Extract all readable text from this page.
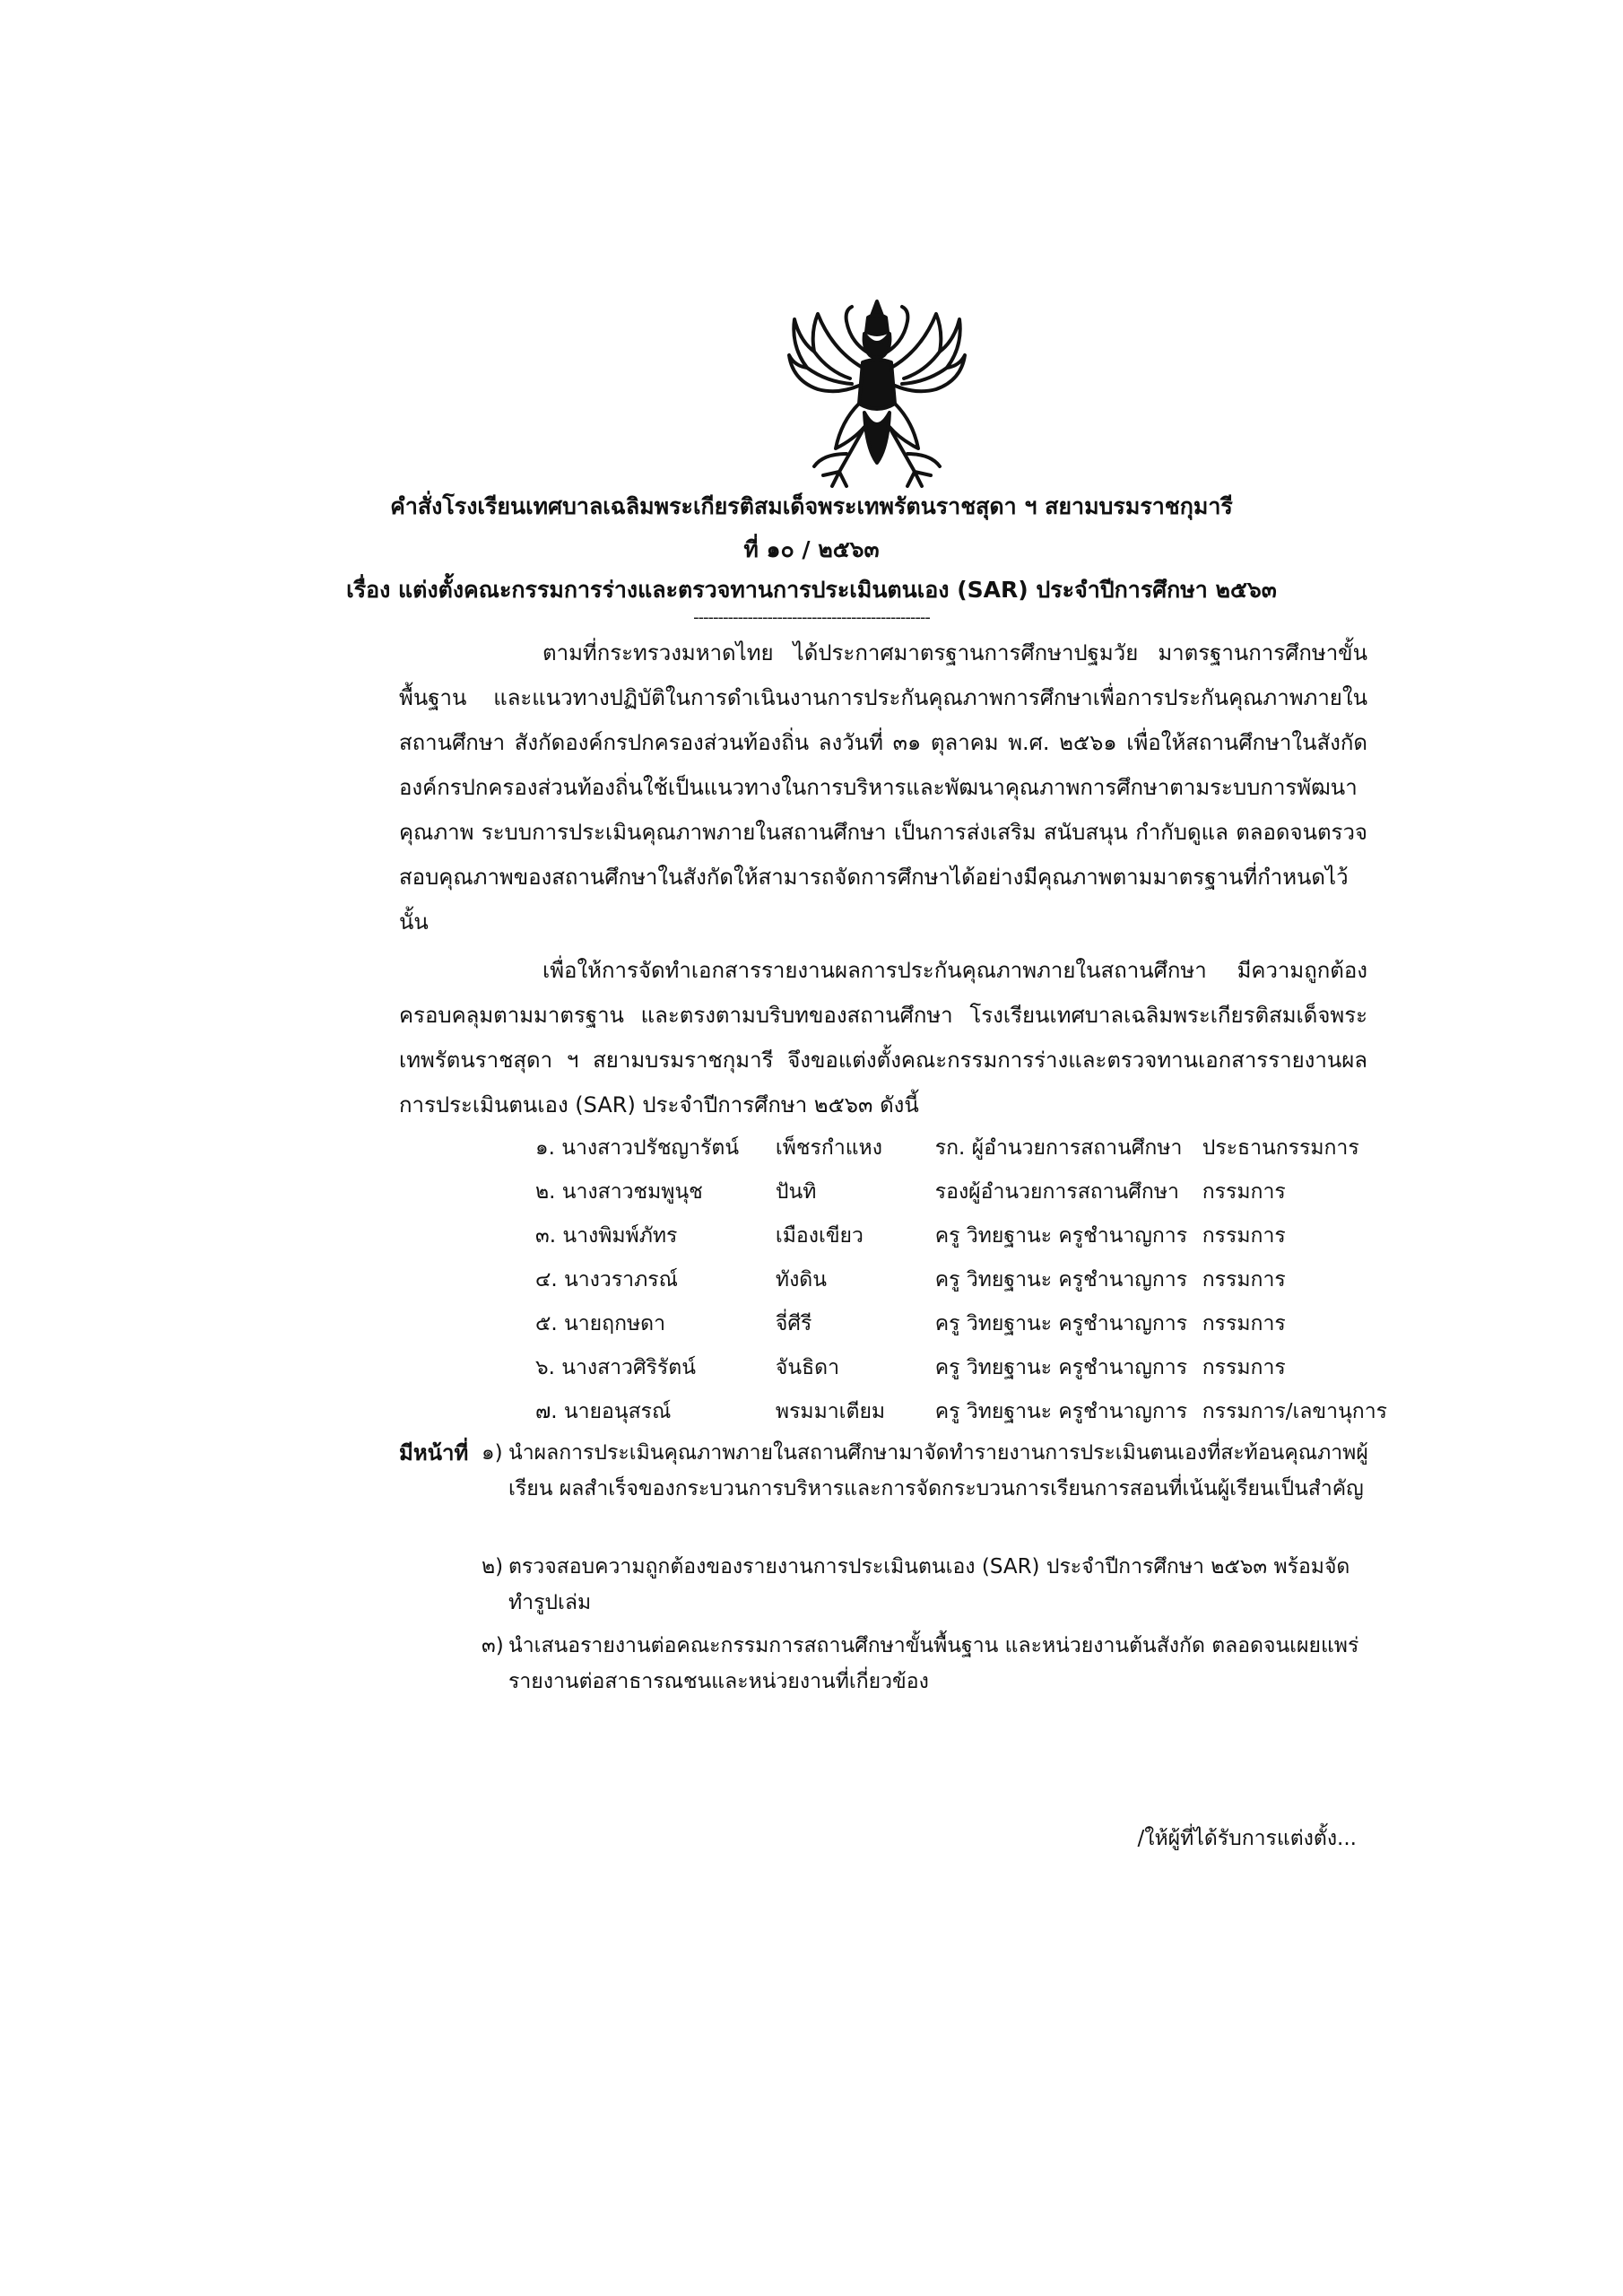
คำสั่งโรงเรียนเทศบาลเฉลิมพระเกียรติสมเด็จพระเทพรัตนราชสุดา ฯ สยามบรมราชกุมารี
ที่ ๑๐ / ๒๕๖๓
เรื่อง แต่งตั้งคณะกรรมการร่างและตรวจทานการประเมินตนเอง (SAR) ประจำปีการศึกษา ๒๕๖๓
------------------------------------------------

ตามที่กระทรวงมหาดไทย ได้ประกาศมาตรฐานการศึกษาปฐมวัย มาตรฐานการศึกษาขั้นพื้นฐาน และแนวทางปฏิบัติในการดำเนินงานการประกันคุณภาพการศึกษาเพื่อการประกันคุณภาพภายในสถานศึกษา สังกัดองค์กรปกครองส่วนท้องถิ่น ลงวันที่ ๓๑ ตุลาคม พ.ศ. ๒๕๖๑ เพื่อให้สถานศึกษาในสังกัดองค์กรปกครองส่วนท้องถิ่นใช้เป็นแนวทางในการบริหารและพัฒนาคุณภาพการศึกษาตามระบบการพัฒนาคุณภาพ ระบบการประเมินคุณภาพภายในสถานศึกษา เป็นการส่งเสริม สนับสนุน กำกับดูแล ตลอดจนตรวจสอบคุณภาพของสถานศึกษาในสังกัดให้สามารถจัดการศึกษาได้อย่างมีคุณภาพตามมาตรฐานที่กำหนดไว้นั้น

เพื่อให้การจัดทำเอกสารรายงานผลการประกันคุณภาพภายในสถานศึกษา มีความถูกต้องครอบคลุมตามมาตรฐาน และตรงตามบริบทของสถานศึกษา โรงเรียนเทศบาลเฉลิมพระเกียรติสมเด็จพระเทพรัตนราชสุดา ฯ สยามบรมราชกุมารี จึงขอแต่งตั้งคณะกรรมการร่างและตรวจทานเอกสารรายงานผลการประเมินตนเอง (SAR) ประจำปีการศึกษา ๒๕๖๓ ดังนี้

๑. นางสาวปรัชญารัตน์	เพ็ชรกำแหง	รก. ผู้อำนวยการสถานศึกษา	ประธานกรรมการ
๒. นางสาวชมพูนุช	ปันทิ	รองผู้อำนวยการสถานศึกษา	กรรมการ
๓. นางพิมพ์ภัทร	เมืองเขียว	ครู วิทยฐานะ ครูชำนาญการ	กรรมการ
๔. นางวราภรณ์	ทังดิน	ครู วิทยฐานะ ครูชำนาญการ	กรรมการ
๕. นายฤกษดา	จี่ศีรี	ครู วิทยฐานะ ครูชำนาญการ	กรรมการ
๖. นางสาวศิริรัตน์	จันธิดา	ครู วิทยฐานะ ครูชำนาญการ	กรรมการ
๗. นายอนุสรณ์	พรมมาเตียม	ครู วิทยฐานะ ครูชำนาญการ	กรรมการ/เลขานุการ
มีหน้าที่ ๑) นำผลการประเมินคุณภาพภายในสถานศึกษามาจัดทำรายงานการประเมินตนเองที่สะท้อนคุณภาพผู้เรียน ผลสำเร็จของกระบวนการบริหารและการจัดกระบวนการเรียนการสอนที่เน้นผู้เรียนเป็นสำคัญ
๒) ตรวจสอบความถูกต้องของรายงานการประเมินตนเอง (SAR) ประจำปีการศึกษา ๒๕๖๓ พร้อมจัดทำรูปเล่ม
๓) นำเสนอรายงานต่อคณะกรรมการสถานศึกษาขั้นพื้นฐาน และหน่วยงานต้นสังกัด ตลอดจนเผยแพร่รายงานต่อสาธารณชนและหน่วยงานที่เกี่ยวข้อง
/ให้ผู้ที่ได้รับการแต่งตั้ง...
